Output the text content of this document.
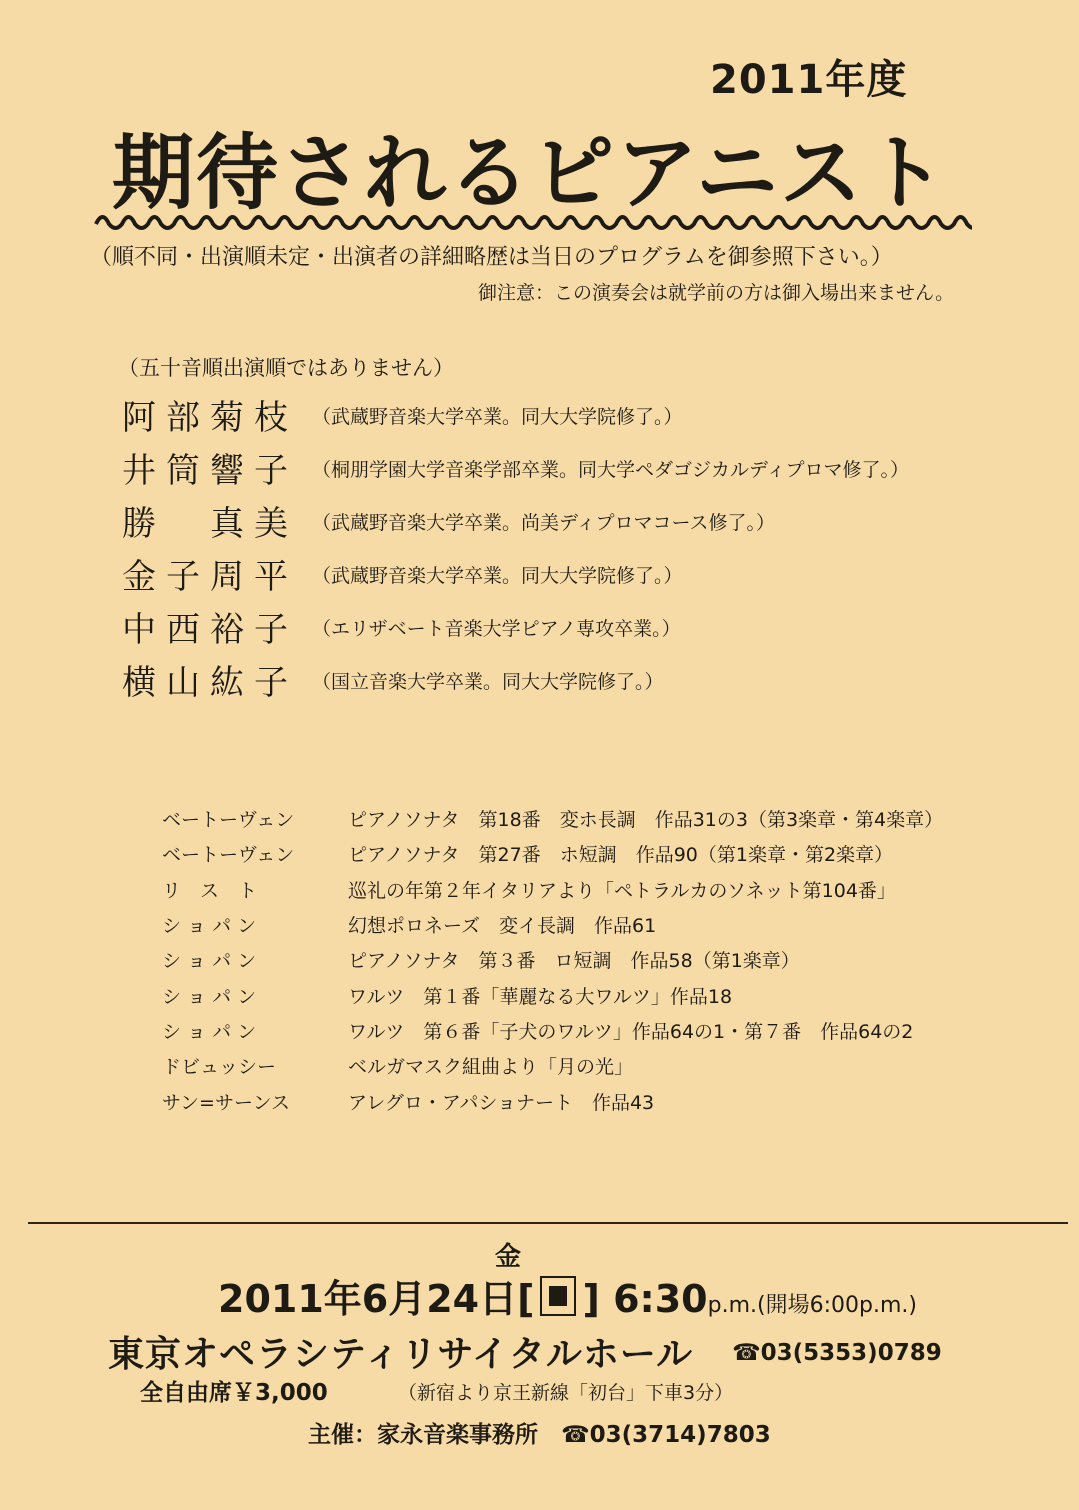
2011年度
期待されるピアニスト
（順不同・出演順未定・出演者の詳細略歴は当日のプログラムを御参照下さい。）
御注意：この演奏会は就学前の方は御入場出来ません。
（五十音順出演順ではありません）
阿部菊枝 （武蔵野音楽大学卒業。同大大学院修了。）
井筒響子 （桐朋学園大学音楽学部卒業。同大学ペダゴジカルディプロマ修了。）
勝　真美 （武蔵野音楽大学卒業。尚美ディプロマコース修了。）
金子周平 （武蔵野音楽大学卒業。同大大学院修了。）
中西裕子 （エリザベート音楽大学ピアノ専攻卒業。）
横山紘子 （国立音楽大学卒業。同大大学院修了。）
ベートーヴェン	ピアノソナタ　第18番　変ホ長調　作品31の3（第3楽章・第4楽章）
ベートーヴェン	ピアノソナタ　第27番　ホ短調　作品90（第1楽章・第2楽章）
リ　ス　ト	巡礼の年第２年イタリアより「ペトラルカのソネット第104番」
シ ョ パ ン	幻想ポロネーズ　変イ長調　作品61
シ ョ パ ン	ピアノソナタ　第３番　ロ短調　作品58（第1楽章）
シ ョ パ ン	ワルツ　第１番「華麗なる大ワルツ」作品18
シ ョ パ ン	ワルツ　第６番「子犬のワルツ」作品64の1・第７番　作品64の2
ドビュッシー	ベルガマスク組曲より「月の光」
サン=サーンス	アレグロ・アパショナート　作品43
金
2011年6月24日[ ] 6:30p.m.(開場6:00p.m.)
東京オペラシティリサイタルホール ☎03(5353)0789
全自由席￥3,000	（新宿より京王新線「初台」下車3分）
主催：家永音楽事務所　☎03(3714)7803
